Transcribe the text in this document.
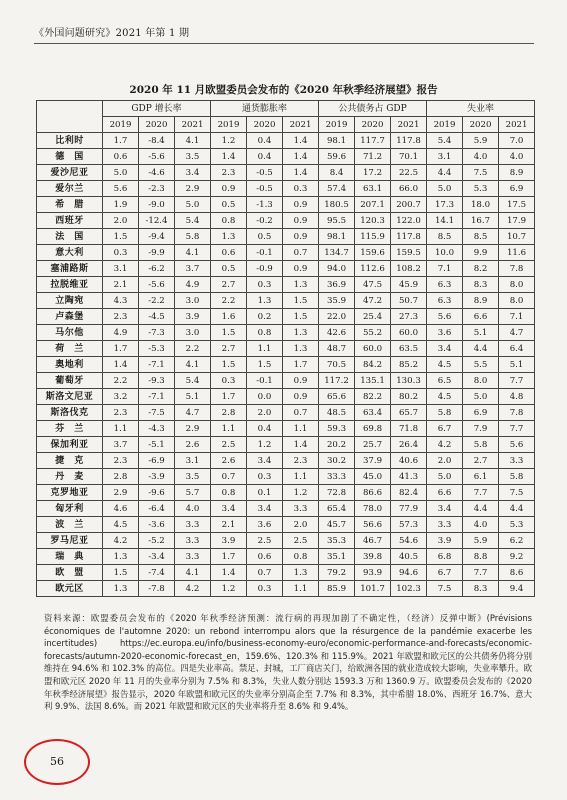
《外国问题研究》2021 年第 1 期
2020 年 11 月欧盟委员会发布的《2020 年秋季经济展望》报告
	GDP 增长率			通货膨胀率			公共债务占 GDP			失业率		
	2019	2020	2021	2019	2020	2021	2019	2020	2021	2019	2020	2021
比利时	1.7	-8.4	4.1	1.2	0.4	1.4	98.1	117.7	117.8	5.4	5.9	7.0
德　国	0.6	-5.6	3.5	1.4	0.4	1.4	59.6	71.2	70.1	3.1	4.0	4.0
爱沙尼亚	5.0	-4.6	3.4	2.3	-0.5	1.4	8.4	17.2	22.5	4.4	7.5	8.9
爱尔兰	5.6	-2.3	2.9	0.9	-0.5	0.3	57.4	63.1	66.0	5.0	5.3	6.9
希　腊	1.9	-9.0	5.0	0.5	-1.3	0.9	180.5	207.1	200.7	17.3	18.0	17.5
西班牙	2.0	-12.4	5.4	0.8	-0.2	0.9	95.5	120.3	122.0	14.1	16.7	17.9
法　国	1.5	-9.4	5.8	1.3	0.5	0.9	98.1	115.9	117.8	8.5	8.5	10.7
意大利	0.3	-9.9	4.1	0.6	-0.1	0.7	134.7	159.6	159.5	10.0	9.9	11.6
塞浦路斯	3.1	-6.2	3.7	0.5	-0.9	0.9	94.0	112.6	108.2	7.1	8.2	7.8
拉脱维亚	2.1	-5.6	4.9	2.7	0.3	1.3	36.9	47.5	45.9	6.3	8.3	8.0
立陶宛	4.3	-2.2	3.0	2.2	1.3	1.5	35.9	47.2	50.7	6.3	8.9	8.0
卢森堡	2.3	-4.5	3.9	1.6	0.2	1.5	22.0	25.4	27.3	5.6	6.6	7.1
马尔他	4.9	-7.3	3.0	1.5	0.8	1.3	42.6	55.2	60.0	3.6	5.1	4.7
荷　兰	1.7	-5.3	2.2	2.7	1.1	1.3	48.7	60.0	63.5	3.4	4.4	6.4
奥地利	1.4	-7.1	4.1	1.5	1.5	1.7	70.5	84.2	85.2	4.5	5.5	5.1
葡萄牙	2.2	-9.3	5.4	0.3	-0.1	0.9	117.2	135.1	130.3	6.5	8.0	7.7
斯洛文尼亚	3.2	-7.1	5.1	1.7	0.0	0.9	65.6	82.2	80.2	4.5	5.0	4.8
斯洛伐克	2.3	-7.5	4.7	2.8	2.0	0.7	48.5	63.4	65.7	5.8	6.9	7.8
芬　兰	1.1	-4.3	2.9	1.1	0.4	1.1	59.3	69.8	71.8	6.7	7.9	7.7
保加利亚	3.7	-5.1	2.6	2.5	1.2	1.4	20.2	25.7	26.4	4.2	5.8	5.6
捷　克	2.3	-6.9	3.1	2.6	3.4	2.3	30.2	37.9	40.6	2.0	2.7	3.3
丹　麦	2.8	-3.9	3.5	0.7	0.3	1.1	33.3	45.0	41.3	5.0	6.1	5.8
克罗地亚	2.9	-9.6	5.7	0.8	0.1	1.2	72.8	86.6	82.4	6.6	7.7	7.5
匈牙利	4.6	-6.4	4.0	3.4	3.4	3.3	65.4	78.0	77.9	3.4	4.4	4.4
波　兰	4.5	-3.6	3.3	2.1	3.6	2.0	45.7	56.6	57.3	3.3	4.0	5.3
罗马尼亚	4.2	-5.2	3.3	3.9	2.5	2.5	35.3	46.7	54.6	3.9	5.9	6.2
瑞　典	1.3	-3.4	3.3	1.7	0.6	0.8	35.1	39.8	40.5	6.8	8.8	9.2
欧　盟	1.5	-7.4	4.1	1.4	0.7	1.3	79.2	93.9	94.6	6.7	7.7	8.6
欧元区	1.3	-7.8	4.2	1.2	0.3	1.1	85.9	101.7	102.3	7.5	8.3	9.4
资料来源：欧盟委员会发布的《2020 年秋季经济预测：流行病的再现加剧了不确定性，（经济）反弹中断》(Prévisions économiques de l'automne 2020: un rebond interrompu alors que la résurgence de la pandémie exacerbe les incertitudes) https://ec.europa.eu/info/business-economy-euro/economic-performance-and-forecasts/economic-forecasts/autumn-2020-economic-forecast_en，159.6%、120.3% 和 115.9%。2021 年欧盟和欧元区的公共债务仍将分别维持在 94.6% 和 102.3% 的高位。四是失业率高。禁足、封城，工厂商店关门，给欧洲各国的就业造成较大影响，失业率攀升。欧盟和欧元区 2020 年 11 月的失业率分别为 7.5% 和 8.3%，失业人数分别达 1593.3 万和 1360.9 万。欧盟委员会发布的《2020 年秋季经济展望》报告显示，2020 年欧盟和欧元区的失业率分别高企至 7.7% 和 8.3%，其中希腊 18.0%、西班牙 16.7%、意大利 9.9%、法国 8.6%。而 2021 年欧盟和欧元区的失业率将升至 8.6% 和 9.4%。
56
